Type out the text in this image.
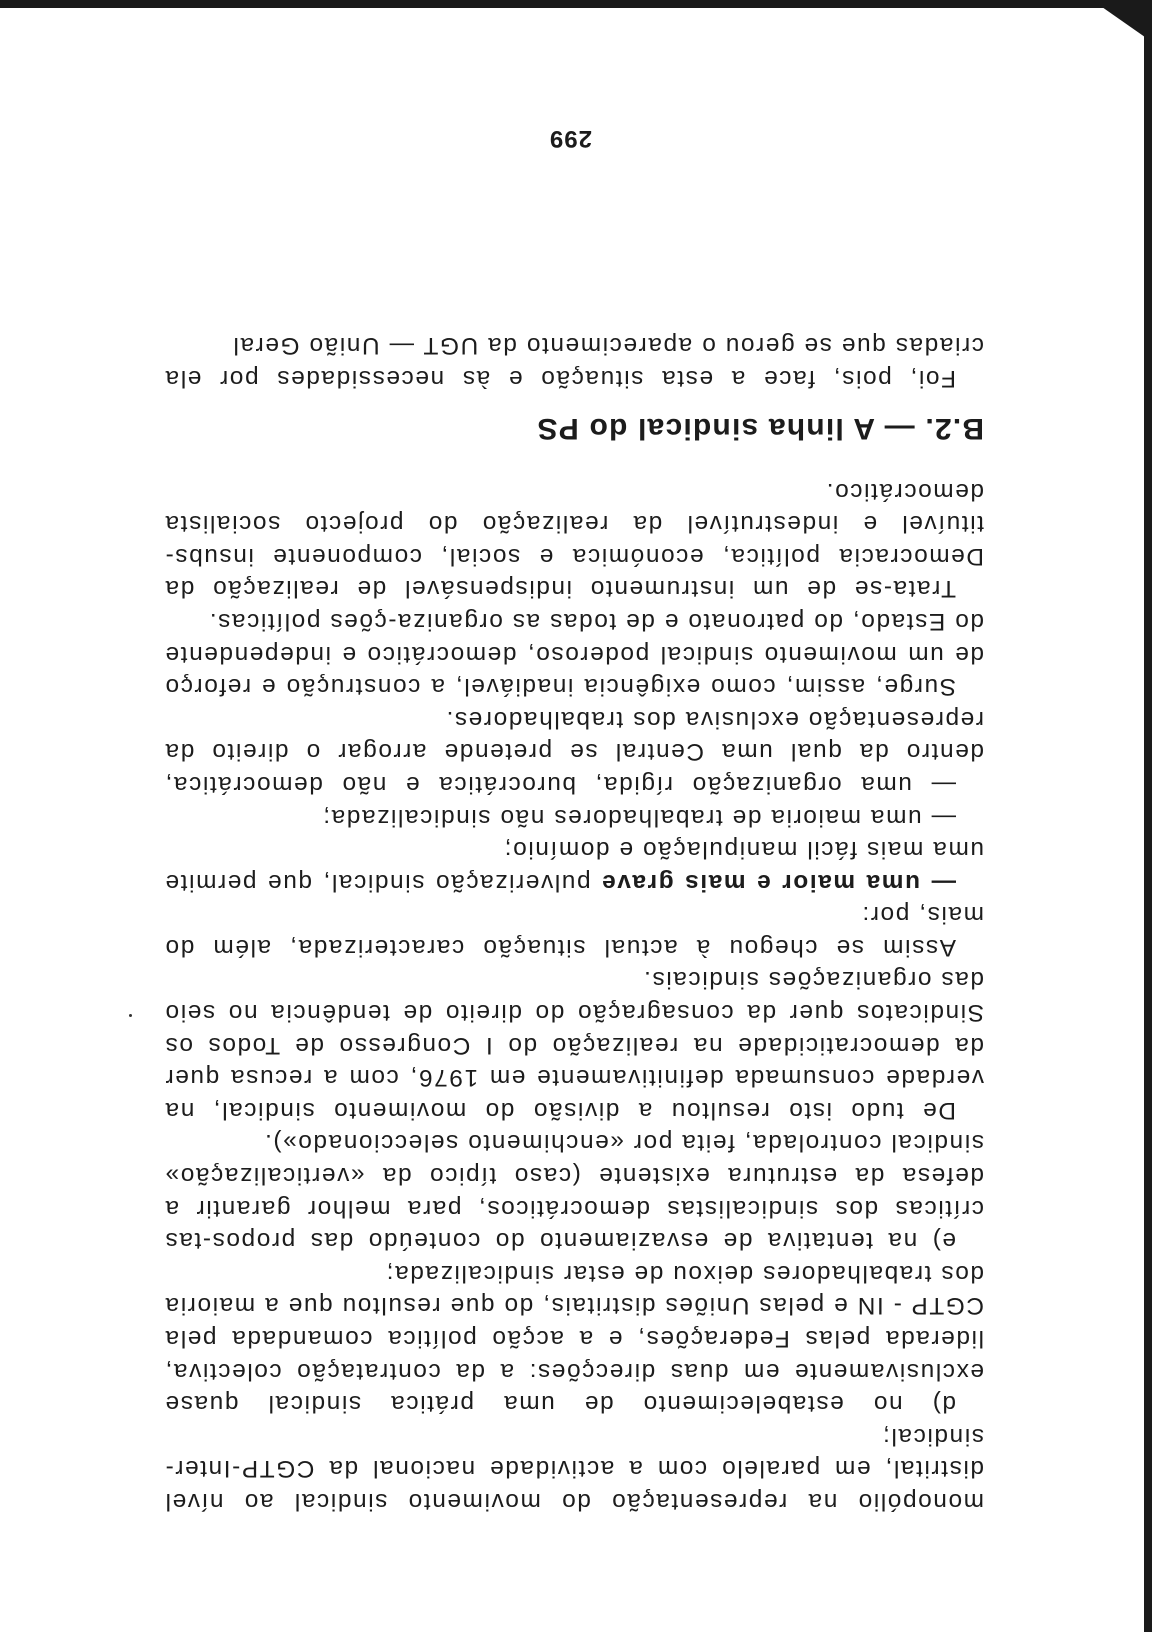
monopólio na representação do movimento sindical ao nível distrital, em paralelo com a actividade nacional da CGTP-Inter-sindical;

d) no estabelecimento de uma prática sindical quase exclusivamente em duas direcções: a da contratação colectiva, liderada pelas Federações, e a acção política comandada pela CGTP - IN e pelas Uniões distritais, do que resultou que a maioria dos trabalhadores deixou de estar sindicalizada;

e) na tentativa de esvaziamento do conteúdo das propos-tas críticas dos sindicalistas democráticos, para melhor garantir a defesa da estrutura existente (caso típico da «verticalização» sindical controlada, feita por «enchimento seleccionado»).

De tudo isto resultou a divisão do movimento sindical, na verdade consumada definitivamente em 1976, com a recusa quer da democraticidade na realização do I Congresso de Todos os Sindicatos quer da consagração do direito de tendência no seio das organizações sindicais.

Assim se chegou à actual situação caracterizada, além do mais, por:

— uma maior e mais grave pulverização sindical, que permite uma mais fácil manipulação e domínio;

— uma maioria de trabalhadores não sindicalizada;

— uma organização rígida, burocrática e não democrática, dentro da qual uma Central se pretende arrogar o direito da representação exclusiva dos trabalhadores.

Surge, assim, como exigência inadiável, a construção e reforço de um movimento sindical poderoso, democrático e independente do Estado, do patronato e de todas as organiza-ções políticas.

Trata-se de um instrumento indispensável de realização da Democracia política, económica e social, componente insubs-tituível e indestrutível da realização do projecto socialista democrático.

B.2. — A linha sindical do PS

Foi, pois, face a esta situação e às necessidades por ela criadas que se gerou o aparecimento da UGT — União Geral

299
